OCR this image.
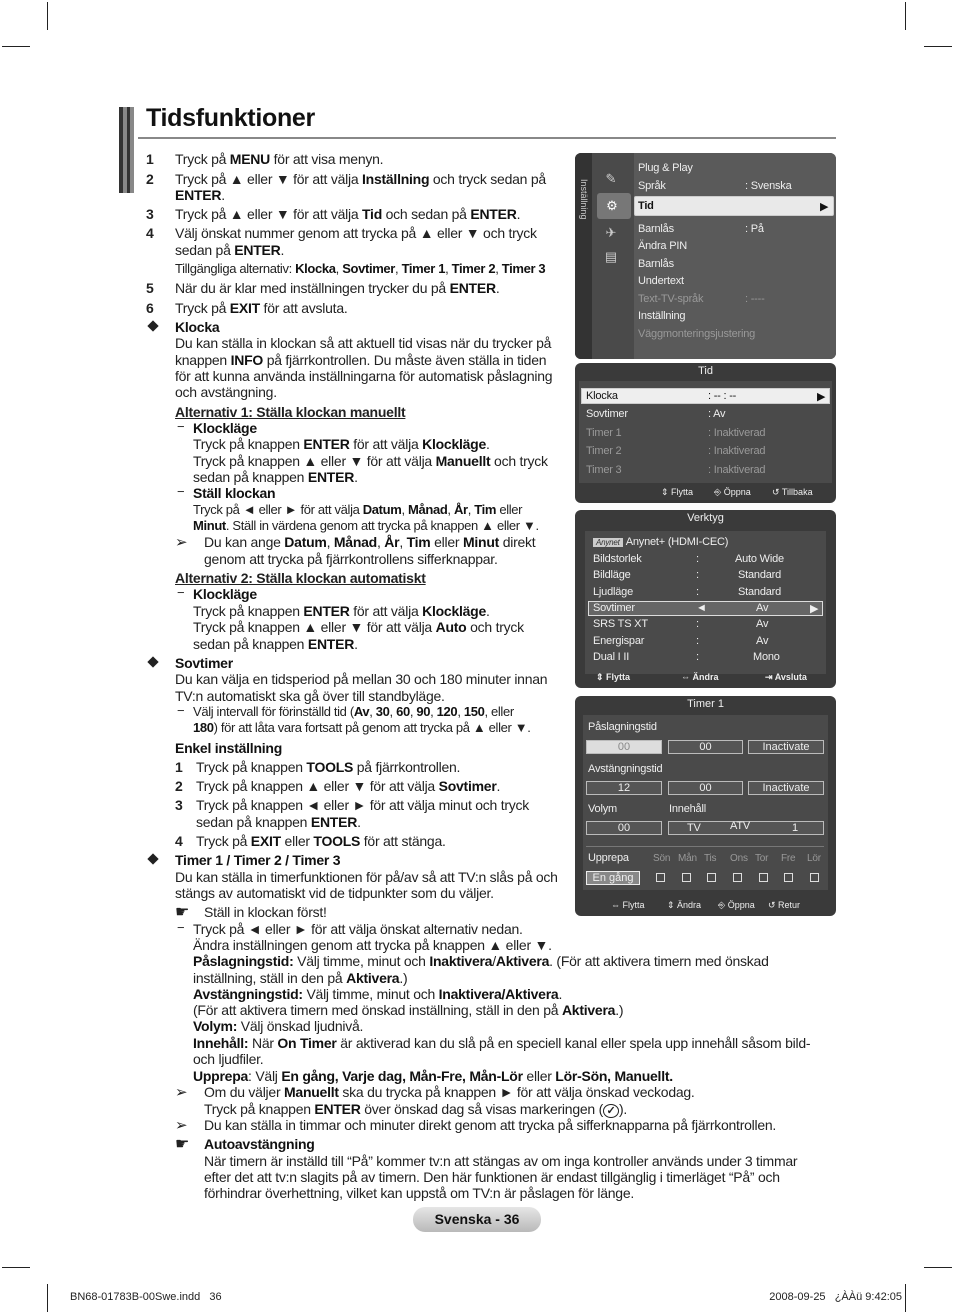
Tidsfunktioner
1 Tryck på MENU för att visa menyn.
2 Tryck på ▲ eller ▼ för att välja Inställning och tryck sedan på
ENTER.
3 Tryck på ▲ eller ▼ för att välja Tid och sedan på ENTER.
4 Välj önskat nummer genom att trycka på ▲ eller ▼ och tryck
sedan på ENTER.
Tillgängliga alternativ: Klocka, Sovtimer, Timer 1, Timer 2, Timer 3
5 När du är klar med inställningen trycker du på ENTER.
6 Tryck på EXIT för att avsluta.
Klocka
Du kan ställa in klockan så att aktuell tid visas när du trycker på
knappen INFO på fjärrkontrollen. Du måste även ställa in tiden
för att kunna använda inställningarna för automatisk påslagning
och avstängning.
Alternativ 1: Ställa klockan manuellt
− Klockläge
Tryck på knappen ENTER för att välja Klockläge.
Tryck på knappen ▲ eller ▼ för att välja Manuellt och tryck
sedan på knappen ENTER.
− Ställ klockan
Tryck på ◄ eller ► för att välja Datum, Månad, År, Tim eller
Minut. Ställ in värdena genom att trycka på knappen ▲ eller ▼.
➢ Du kan ange Datum, Månad, År, Tim eller Minut direkt
genom att trycka på fjärrkontrollens sifferknappar.
Alternativ 2: Ställa klockan automatiskt
− Klockläge
Tryck på knappen ENTER för att välja Klockläge.
Tryck på knappen ▲ eller ▼ för att välja Auto och tryck
sedan på knappen ENTER.
Sovtimer
Du kan välja en tidsperiod på mellan 30 och 180 minuter innan
TV:n automatiskt ska gå över till standbyläge.
− Välj intervall för förinställd tid (Av, 30, 60, 90, 120, 150, eller
180) för att låta vara fortsatt på genom att trycka på ▲ eller ▼.
Enkel inställning
1 Tryck på knappen TOOLS på fjärrkontrollen.
2 Tryck på knappen ▲ eller ▼ för att välja Sovtimer.
3 Tryck på knappen ◄ eller ► för att välja minut och tryck
sedan på knappen ENTER.
4 Tryck på EXIT eller TOOLS för att stänga.
Timer 1 / Timer 2 / Timer 3
Du kan ställa in timerfunktionen för på/av så att TV:n slås på och
stängs av automatiskt vid de tidpunkter som du väljer.
☛ Ställ in klockan först!
− Tryck på ◄ eller ► för att välja önskat alternativ nedan.
Ändra inställningen genom att trycka på knappen ▲ eller ▼.
Påslagningstid: Välj timme, minut och Inaktivera/Aktivera. (För att aktivera timern med önskad
inställning, ställ in den på Aktivera.)
Avstängningstid: Välj timme, minut och Inaktivera/Aktivera.
(För att aktivera timern med önskad inställning, ställ in den på Aktivera.)
Volym: Välj önskad ljudnivå.
Innehåll: När On Timer är aktiverad kan du slå på en speciell kanal eller spela upp innehåll såsom bild-
och ljudfiler.
Upprepa: Välj En gång, Varje dag, Mån-Fre, Mån-Lör eller Lör-Sön, Manuellt.
➢ Om du väljer Manuellt ska du trycka på knappen ► för att välja önskad veckodag.
Tryck på knappen ENTER över önskad dag så visas markeringen ( ✓ ).
➢ Du kan ställa in timmar och minuter direkt genom att trycka på sifferknapparna på fjärrkontrollen.
☛ Autoavstängning
När timern är inställd till “På” kommer tv:n att stängas av om inga kontroller används under 3 timmar
efter det att tv:n slagits på av timern. Den här funktionen är endast tillgänglig i timerläget “På” och
förhindrar överhettning, vilket kan uppstå om TV:n är påslagen för länge.
Inställning
✎
⚙
✈
▤
Plug & Play
Språk	: Svenska
Tid	▶
Barnlås	: På
Ändra PIN
Barnlås
Undertext
Text-TV-språk	: ----
Inställning
Väggmonteringsjustering
Tid
Klocka	: -- : --	▶
Sovtimer	: Av
Timer 1	: Inaktiverad
Timer 2	: Inaktiverad
Timer 3	: Inaktiverad
⇕ Flytta ⎆ Öppna ↺ Tillbaka
Verktyg
Anynet Anynet+ (HDMI-CEC)
Bildstorlek	:	Auto Wide
Bildläge	:	Standard
Ljudläge	:	Standard
Sovtimer	◄	Av	▶
SRS TS XT	:	Av
Energispar	:	Av
Dual I II	:	Mono
⇕ Flytta	⇔ Ändra	⇥ Avsluta
Timer 1
Påslagningstid
00	00	Inactivate
Avstängningstid
12	00	Inactivate
Volym	Innehåll
00	TV	ATV	1
Upprepa Sön Mån Tis Ons Tor Fre Lör
En gång
⇔ Flytta ⇕ Ändra ⎆ Öppna ↺ Retur
Svenska - 36
BN68-01783B-00Swe.indd   36	2008-09-25   ¿ÀÀü 9:42:05
